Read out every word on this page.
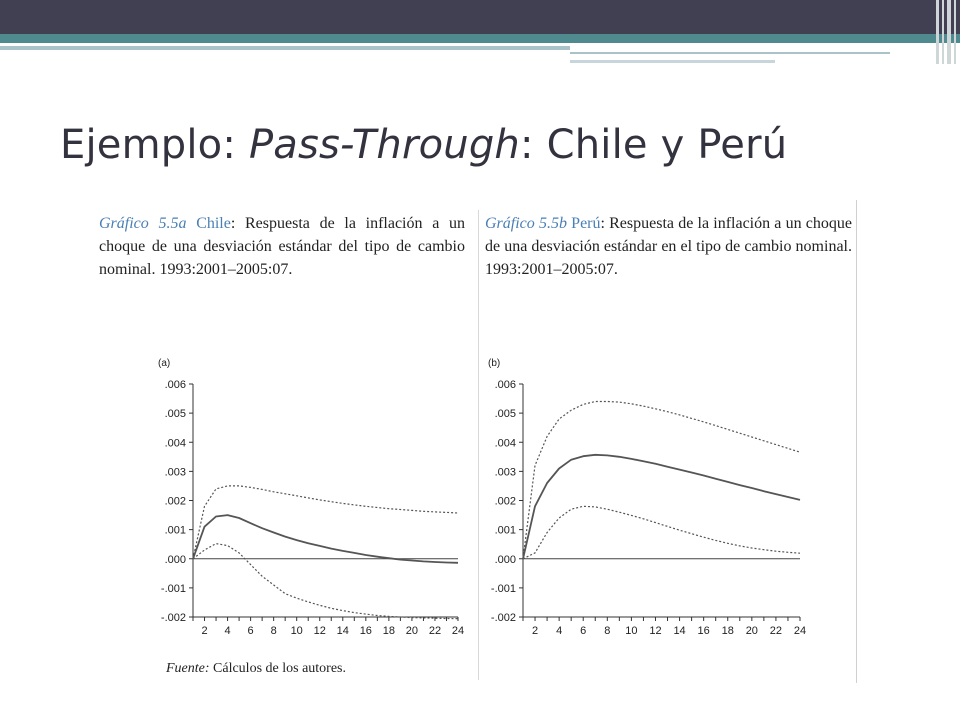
Ejemplo: Pass-Through: Chile y Perú
Gráfico 5.5a Chile: Respuesta de la inflación a un choque de una desviación estándar del tipo de cambio nominal. 1993:2001–2005:07.
Gráfico 5.5b Perú: Respuesta de la inflación a un choque de una desviación estándar en el tipo de cambio nominal. 1993:2001–2005:07.
(a)
.006
.005
.004
.003
.002
.001
.000
-.001
-.002
2 4 6 8 10 12 14 16 18 20 22 24
(b)
.006
.005
.004
.003
.002
.001
.000
-.001
-.002
2 4 6 8 10 12 14 16 18 20 22 24
Fuente: Cálculos de los autores.
